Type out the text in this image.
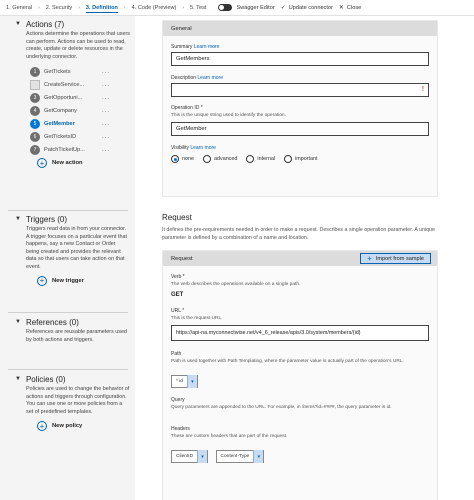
1. General › 2. Security › 3. Definition › 4. Code (Preview) › 5. Test	Swagger Editor ✓ Update connector ✕ Close
▼ Actions (7)
Actions determine the operations that users can perform. Actions can be used to read, create, update or delete resources in the underlying connector.
1	GetTickets	...
CreateService...	...
3	GetOpportuni...	...
4	GetCompany	...
5	GetMember	...
6	GetTicketsID	...
7	PatchTicketUp...	...
+	New action
▼ Triggers (0)
Triggers read data in from your connector. A trigger focuses on a particular event that happens, say a new Contact or Order being created and provides the relevant data so that users can take action on that event.
+	New trigger
▼ References (0)
References are reusable parameters used by both actions and triggers.
▼ Policies (0)
Policies are used to change the behavior of actions and triggers through configuration. You can use one or more policies from a set of predefined templates.
+	New policy
General
Summary Learn more
GetMembers
Description Learn more
!
Operation ID *
This is the unique string used to identify the operation.
GetMember
Visibility Learn more
none	advanced	internal	important
Request
It defines the pre-requirements needed in order to make a request. Describes a single operation parameter. A unique parameter is defined by a combination of a name and location.
Request	+ Import from sample
Verb *
The verb describes the operations available on a single path.
GET
URL *
This is the request URL.
https://api-na.myconnectwise.net/v4_6_release/apis/3.0/system/members/{id}
Path
Path is used together with Path Templating, where the parameter value is actually part of the operation's URL.
* id	▾
Query
Query parameters are appended to the URL. For example, in /items?id=####, the query parameter is id.
Headers
These are custom headers that are part of the request.
ClientID	▾
	Content-Type	▾
